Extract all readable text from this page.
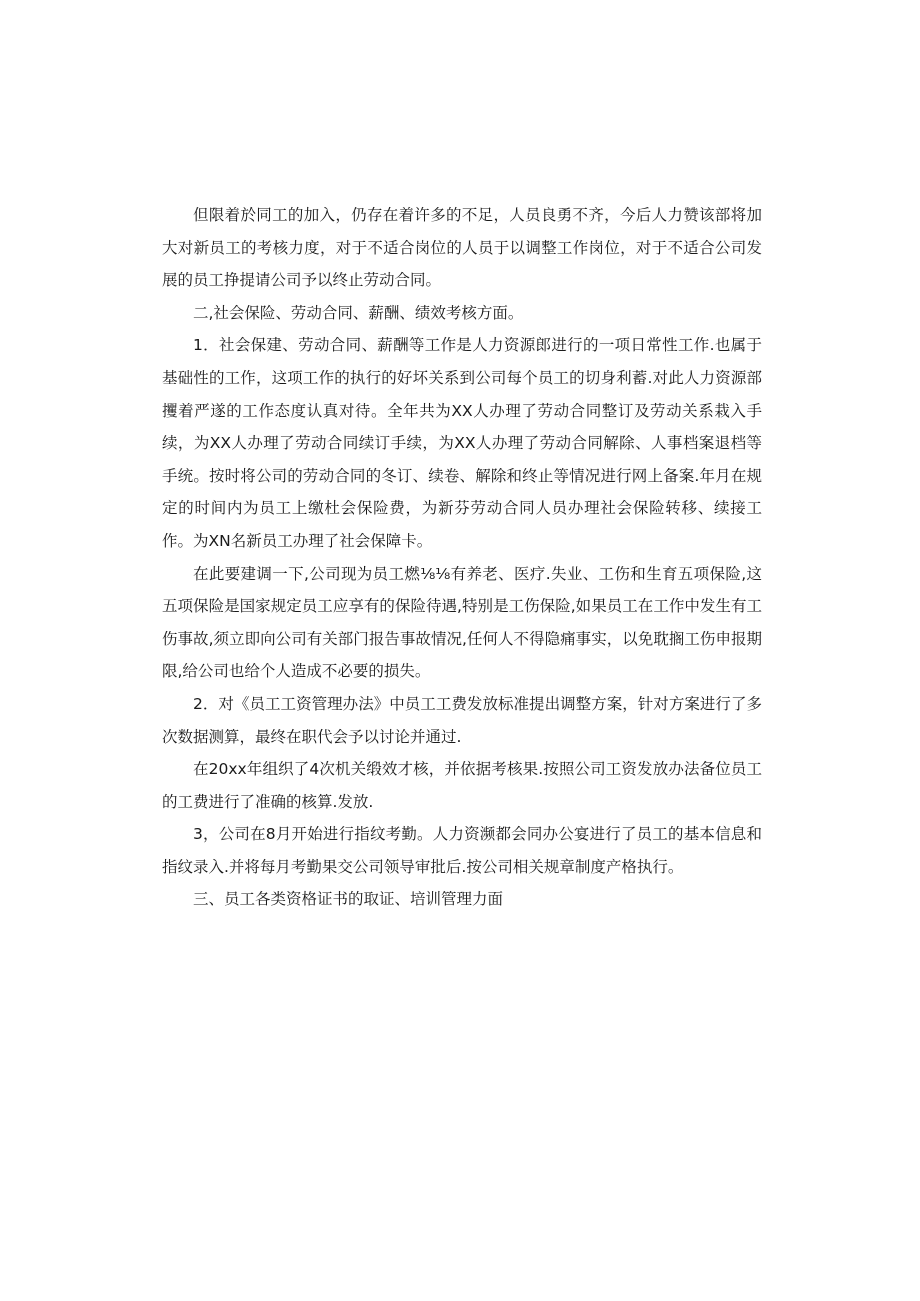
但限着於同工的加入，仍存在着许多的不足，人员良勇不齐，今后人力赞该部将加大对新员工的考核力度，对于不适合岗位的人员于以调整工作岗位，对于不适合公司发展的员工挣提请公司予以终止劳动合同。

二,社会保险、劳动合同、薪酬、绩效考核方面。

1．社会保建、劳动合同、薪酬等工作是人力资源郎进行的一项日常性工作.也属于基础性的工作，这项工作的执行的好坏关系到公司每个员工的切身利蓄.对此人力资源部攫着严遂的工作态度认真对待。全年共为XX人办理了劳动合同整订及劳动关系栽入手续，为XX人办理了劳动合同续订手续，为XX人办理了劳动合同解除、人事档案退档等手统。按时将公司的劳动合同的冬订、续卷、解除和终止等情况进行网上备案.年月在规定的时间内为员工上缴杜会保险费，为新芬劳动合同人员办理社会保险转移、续接工作。为XN名新员工办理了社会保障卡。

在此要建调一下,公司现为员工燃⅛⅛有养老、医疗.失业、工伤和生育五项保险,这五项保险是国家规定员工应享有的保险待遇,特别是工伤保险,如果员工在工作中发生有工伤事故,须立即向公司有关部门报告事故情况,任何人不得隐痛事实，以免耽搁工伤申报期限,给公司也给个人造成不必要的损失。

2．对《员工工资管理办法》中员工工费发放标准提出调整方案，针对方案进行了多次数据测算，最终在职代会予以讨论并通过.

在20xx年组织了4次机关缎效才核，并依据考核果.按照公司工资发放办法备位员工的工费进行了准确的核算.发放.

3，公司在8月开始进行指纹考勤。人力资濒都会同办公宴进行了员工的基本信息和指纹录入.并将每月考勤果交公司领导审批后.按公司相关规章制度产格执行。

三、员工各类资格证书的取证、培训管理力面
